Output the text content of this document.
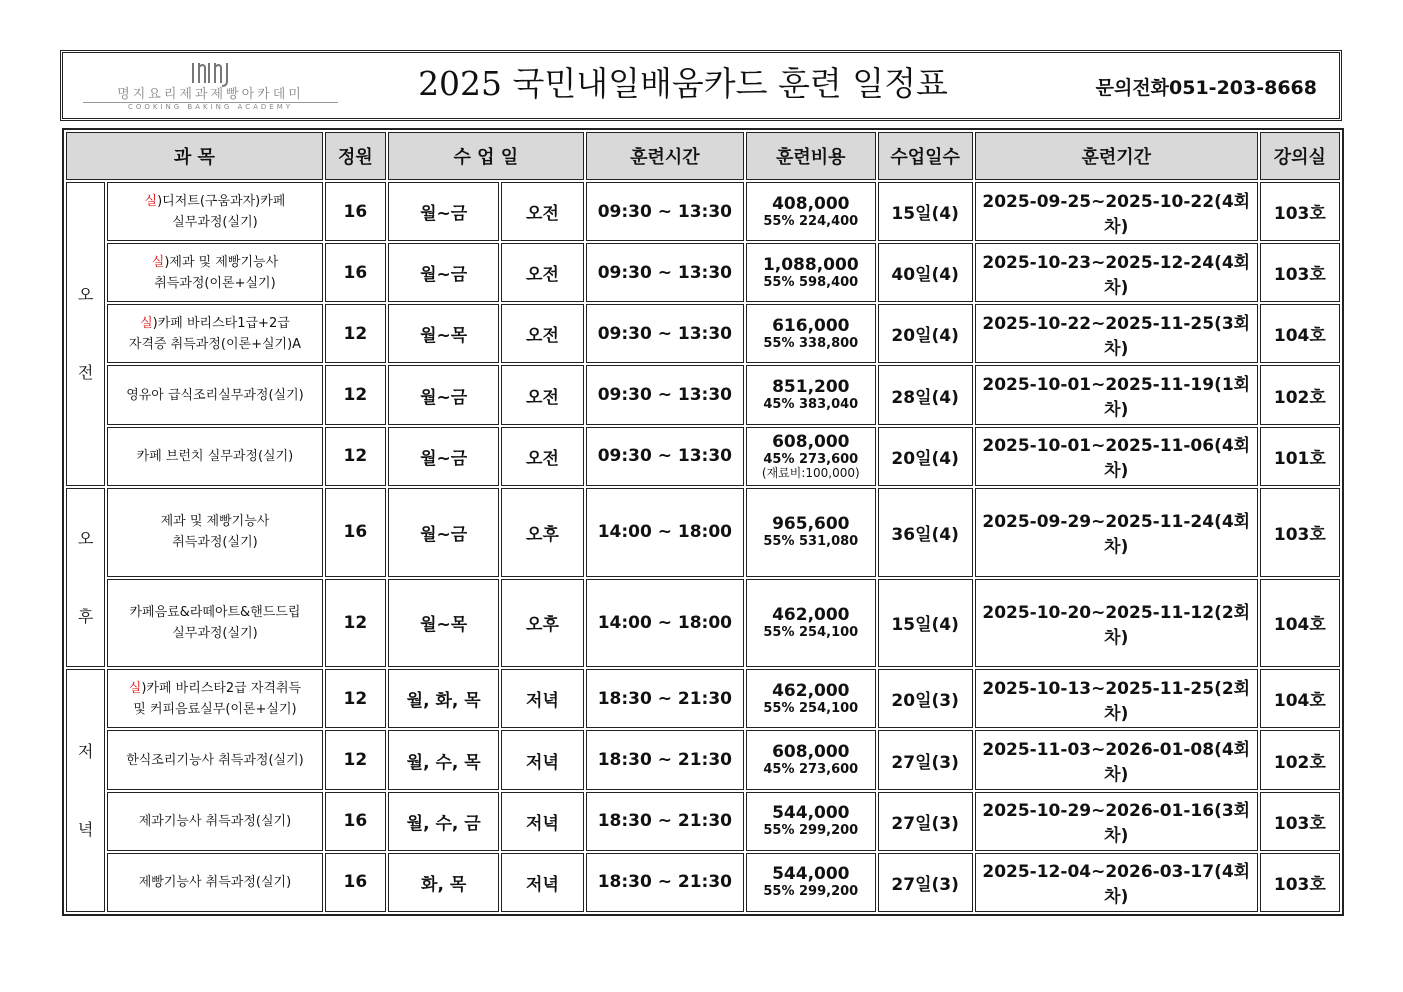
명지요리제과제빵아카데미
COOKING BAKING ACADEMY
2025 국민내일배움카드 훈련 일정표	문의전화051-203-8668
과 목		정원	수 업 일		훈련시간	훈련비용	수업일수	훈련기간	강의실

오
전	실)디저트(구움과자)카페
실무과정(실기)	16	월~금	오전	09:30 ~ 13:30	408,000
55% 224,400	15일(4)	2025-09-25~2025-10-22(4회차)	103호
	실)제과 및 제빵기능사
취득과정(이론+실기)	16	월~금	오전	09:30 ~ 13:30	1,088,000
55% 598,400	40일(4)	2025-10-23~2025-12-24(4회차)	103호
	실)카페 바리스타1급+2급
자격증 취득과정(이론+실기)A	12	월~목	오전	09:30 ~ 13:30	616,000
55% 338,800	20일(4)	2025-10-22~2025-11-25(3회차)	104호
	영유아 급식조리실무과정(실기)	12	월~금	오전	09:30 ~ 13:30	851,200
45% 383,040	28일(4)	2025-10-01~2025-11-19(1회차)	102호
	카페 브런치 실무과정(실기)	12	월~금	오전	09:30 ~ 13:30	608,000
45% 273,600
(재료비:100,000)	20일(4)	2025-10-01~2025-11-06(4회차)	101호

오
후	제과 및 제빵기능사
취득과정(실기)	16	월~금	오후	14:00 ~ 18:00	965,600
55% 531,080	36일(4)	2025-09-29~2025-11-24(4회차)	103호
	카페음료&라떼아트&핸드드립
실무과정(실기)	12	월~목	오후	14:00 ~ 18:00	462,000
55% 254,100	15일(4)	2025-10-20~2025-11-12(2회차)	104호

저
녁	실)카페 바리스타2급 자격취득
및 커피음료실무(이론+실기)	12	월, 화, 목	저녁	18:30 ~ 21:30	462,000
55% 254,100	20일(3)	2025-10-13~2025-11-25(2회차)	104호
	한식조리기능사 취득과정(실기)	12	월, 수, 목	저녁	18:30 ~ 21:30	608,000
45% 273,600	27일(3)	2025-11-03~2026-01-08(4회차)	102호
	제과기능사 취득과정(실기)	16	월, 수, 금	저녁	18:30 ~ 21:30	544,000
55% 299,200	27일(3)	2025-10-29~2026-01-16(3회차)	103호
	제빵기능사 취득과정(실기)	16	화, 목	저녁	18:30 ~ 21:30	544,000
55% 299,200	27일(3)	2025-12-04~2026-03-17(4회차)	103호
